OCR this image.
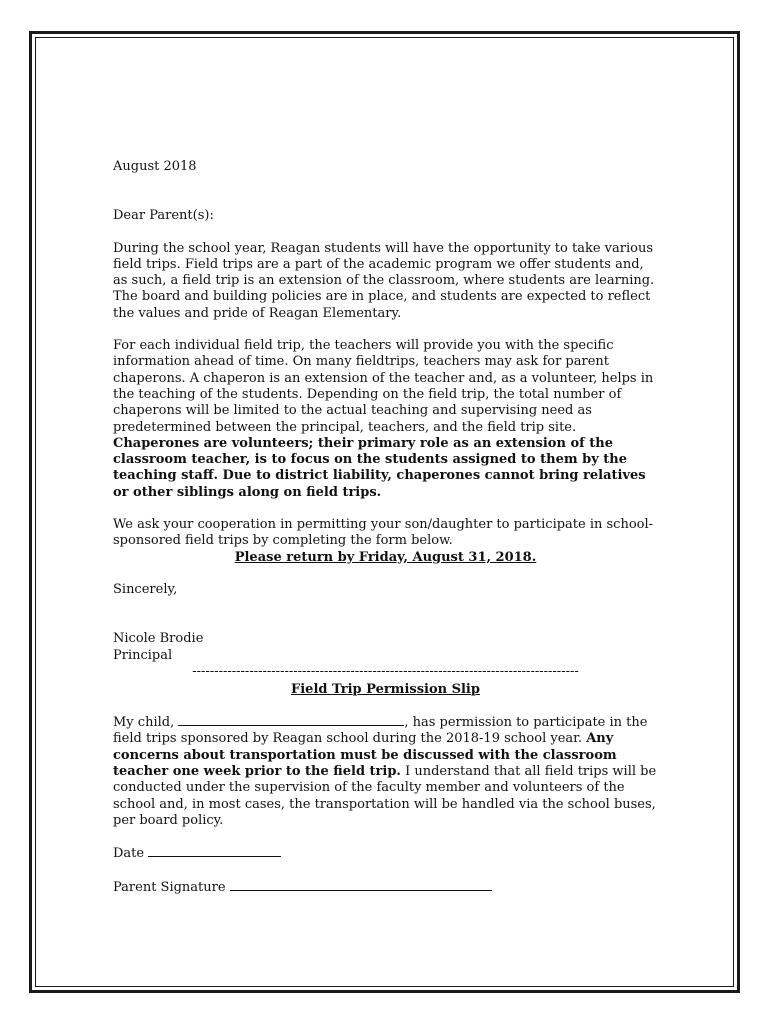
August 2018

Dear Parent(s):

During the school year, Reagan students will have the opportunity to take various field trips. Field trips are a part of the academic program we offer students and, as such, a field trip is an extension of the classroom, where students are learning. The board and building policies are in place, and students are expected to reflect the values and pride of Reagan Elementary.

For each individual field trip, the teachers will provide you with the specific information ahead of time. On many fieldtrips, teachers may ask for parent chaperons. A chaperon is an extension of the teacher and, as a volunteer, helps in the teaching of the students. Depending on the field trip, the total number of chaperons will be limited to the actual teaching and supervising need as predetermined between the principal, teachers, and the field trip site. Chaperones are volunteers; their primary role as an extension of the classroom teacher, is to focus on the students assigned to them by the teaching staff. Due to district liability, chaperones cannot bring relatives or other siblings along on field trips.

We ask your cooperation in permitting your son/daughter to participate in school-sponsored field trips by completing the form below.

Please return by Friday, August 31, 2018.

Sincerely,

Nicole Brodie

Principal

----------------------------------------------------------------------------------------

Field Trip Permission Slip

My child,	, has permission to participate in the field trips sponsored by Reagan school during the 2018-19 school year. Any concerns about transportation must be discussed with the classroom teacher one week prior to the field trip. I understand that all field trips will be conducted under the supervision of the faculty member and volunteers of the school and, in most cases, the transportation will be handled via the school buses, per board policy.

Date

Parent Signature
